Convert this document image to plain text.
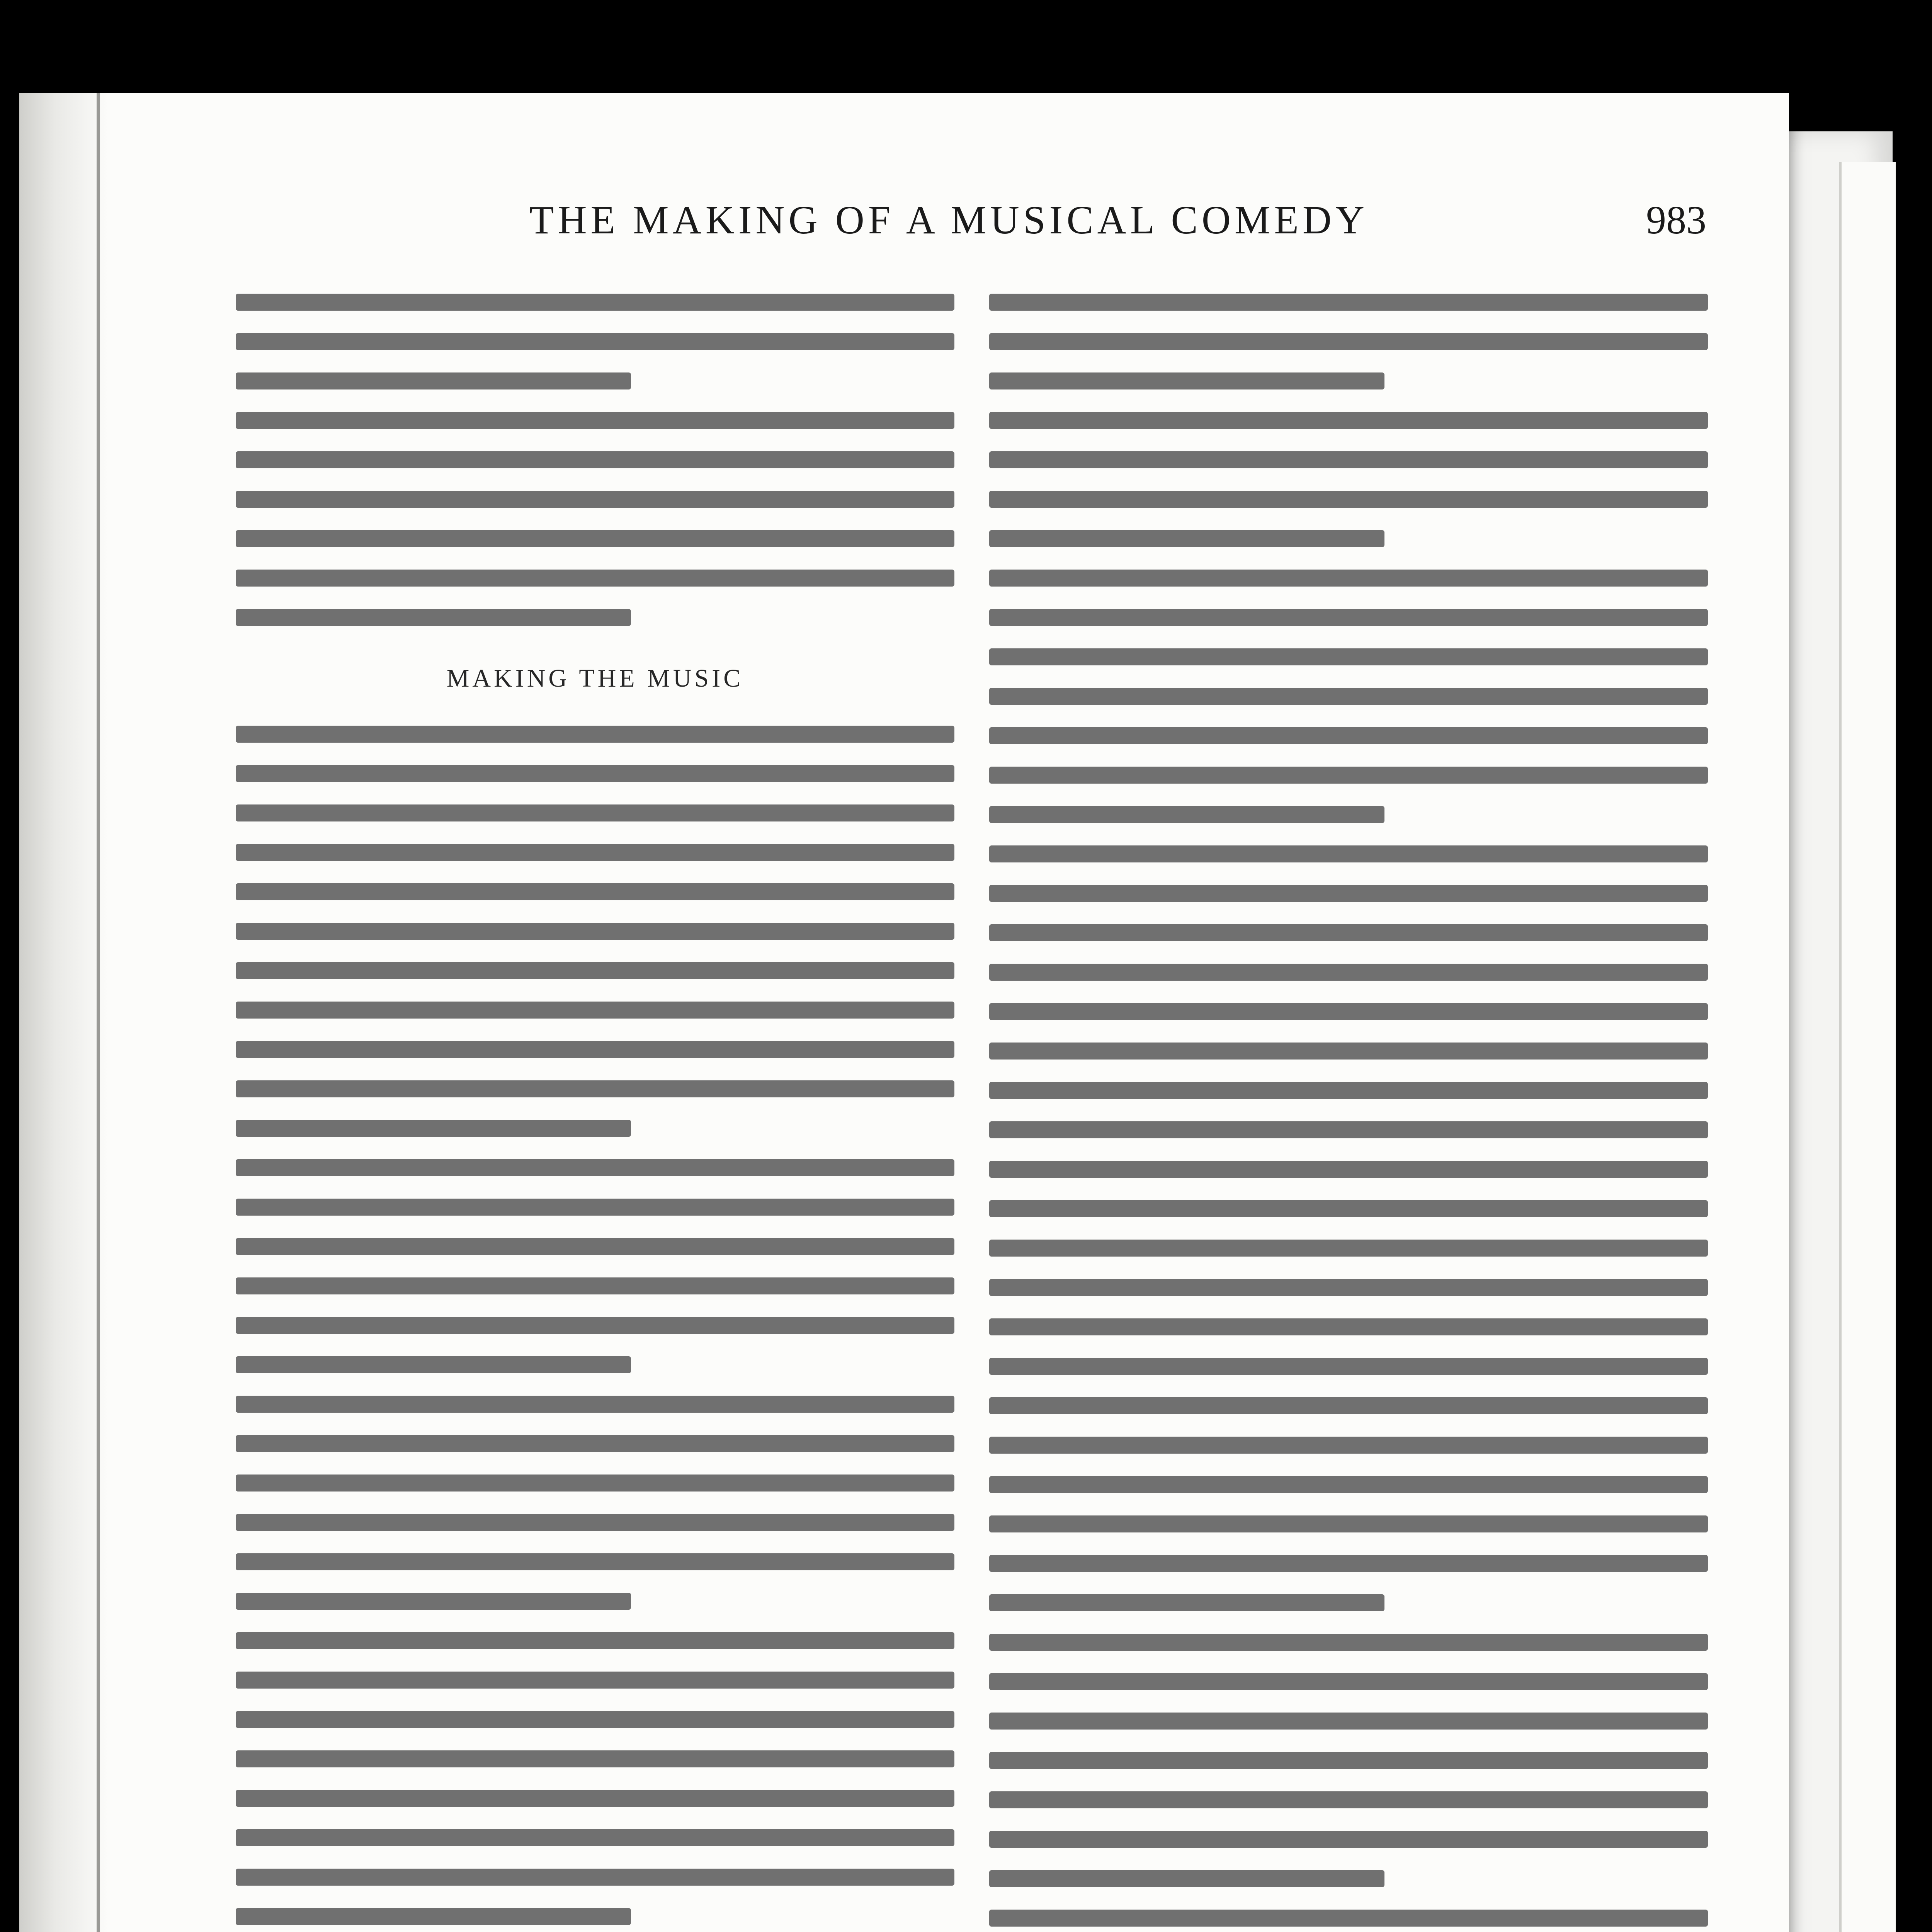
THE MAKING OF A MUSICAL COMEDY	983
MAKING THE MUSIC
